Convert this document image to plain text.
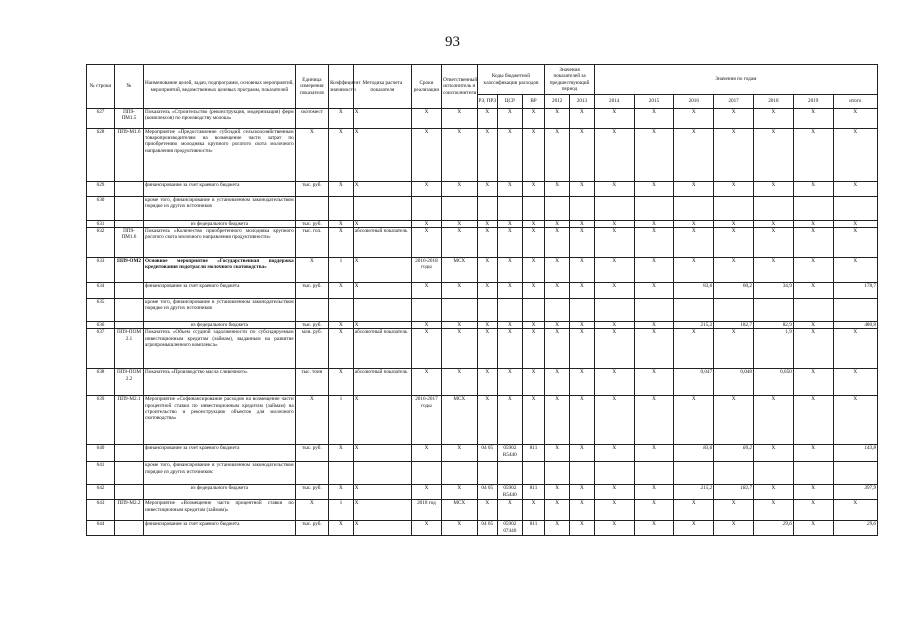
93
№ строки	№	Наименование целей, задач, подпрограмм, основных мероприятий, мероприятий, ведомственных целевых программ, показателей	Единица измерения показателя	Коэффициент значимости	Методика расчета показателя	Сроки реализации	Ответственный исполнитель и соисполнители	Коды бюджетной классификации расходов			Значения показателей за предшествующий период		Значения по годам						
								РЗ, ПРЗ	ЦСР	ВР	2012	2013	2014	2015	2016	2017	2018	2019	итого
627	ПП9-ПМ1.5	Показатель «Строительство (реконструкция, модернизация) ферм (комплексов) по производству молока»	скотомест	X	X	X	X	X	X	X	X	X	X	X	X	X	X	X	X
628	ПП9-М1.6	Мероприятие «Предоставление субсидий сельскохозяйственным товаропроизводителям на возмещение части затрат по приобретению молодняка крупного рогатого скота молочного направления продуктивности»	X	X	X	X	X	X	X	X	X	X	X	X	X	X	X	X	X
629		финансирование за счет краевого бюджета	тыс. руб.	X	X	X	X	X	X	X	X	X	X	X	X	X	X	X	X
630		кроме того, финансирование в установленном законодательством порядке из других источников																	
631		из федерального бюджета	тыс. руб.	X	X	X	X	X	X	X	X	X	X	X	X	X	X	X	X
632	ПП9-ПМ1.6	Показатель «Количество приобретенного молодняка крупного рогатого скота молочного направления продуктивности»	тыс. гол.	X	абсолютный показатель	X	X	X	X	X	X	X	X	X	X	X	X	X	X
633	ПП9-ОМ2	Основное мероприятие «Государственная поддержка кредитования подотрасли молочного скотоводства»	X	1	X	2016-2018 годы	МСХ	X	X	X	X	X	X	X	X	X	X	X	X
634		финансирование за счет краевого бюджета	тыс. руб.	X	X	X	X	X	X	X	X	X	X	X	83,6	60,2	34,9	X	178,7
635		кроме того, финансирование в установленном законодательством порядке из других источников																	
636		из федерального бюджета	тыс. руб.	X	X	X	X	X	X	X	X	X	X	X	215,2	182,7	82,9	X	480,8
637	ПП9-ПОМ 2.1	Показатель «Объем ссудной задолженности по субсидируемым инвестиционным кредитам (займам), выданным на развитие агропромышленного комплекса»	млн. руб.	X	абсолютный показатель	X	X	X	X	X	X	X	X	X	X	X	1,9	X	X
638	ПП9-ПОМ 2.2	Показатель «Производство масла сливочного»	тыс. тонн	X	абсолютный показатель	X	X	X	X	X	X	X	X	X	0,047	0,048	0,050	X	X
639	ПП9-М2.1	Мероприятие «Софинансирование расходов на возмещение части процентной ставки по инвестиционным кредитам (займам) на строительство и реконструкцию объектов для молочного скотоводства»	X	1	X	2016-2017 годы	МСХ	X	X	X	X	X	X	X	X	X	X	X	X
640		финансирование за счет краевого бюджета	тыс. руб.	X	X	X	X	04 05	05902 R5440	811	X	X	X	X	83,6	60,2	X	X	143,8
641		кроме того, финансирование в установленном законодательством порядке из других источников:																	
642		из федерального бюджета	тыс. руб.	X	X	X	X	04 05	05902 R5440	811	X	X	X	X	215,2	182,7	X	X	397,9
643	ПП9-М2.2	Мероприятие «Возмещение части процентной ставки по инвестиционным кредитам (займам)»	X	1	X	2018 год	МСХ	X	X	X	X	X	X	X	X	X	X	X	X
644		финансирование за счет краевого бюджета	тыс. руб.	X	X	X	X	04 05	05902 07440	811	X	X	X	X	X	X	29,6	X	29,6
